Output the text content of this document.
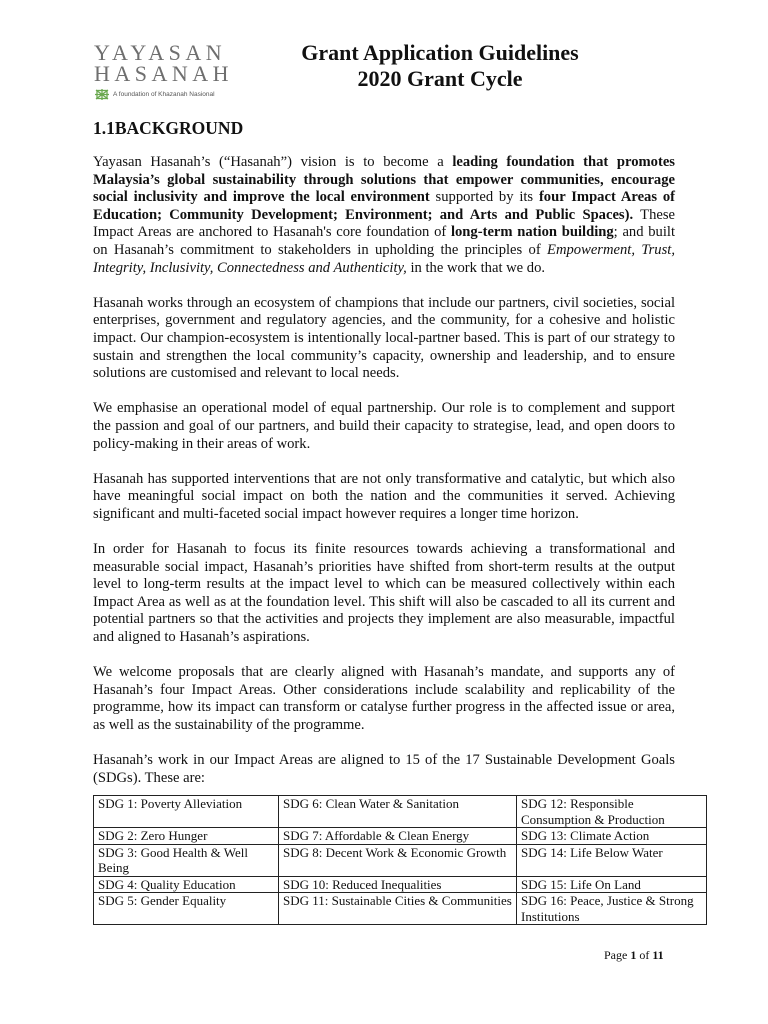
YAYASAN
HASANAH
A foundation of Khazanah Nasional
Grant Application Guidelines
2020 Grant Cycle
1.1BACKGROUND

Yayasan Hasanah’s (“Hasanah”) vision is to become a leading foundation that promotes Malaysia’s global sustainability through solutions that empower communities, encourage social inclusivity and improve the local environment supported by its four Impact Areas of Education; Community Development; Environment; and Arts and Public Spaces). These Impact Areas are anchored to Hasanah's core foundation of long-term nation building; and built on Hasanah’s commitment to stakeholders in upholding the principles of Empowerment, Trust, Integrity, Inclusivity, Connectedness and Authenticity, in the work that we do.

Hasanah works through an ecosystem of champions that include our partners, civil societies, social enterprises, government and regulatory agencies, and the community, for a cohesive and holistic impact. Our champion-ecosystem is intentionally local-partner based. This is part of our strategy to sustain and strengthen the local community’s capacity, ownership and leadership, and to ensure solutions are customised and relevant to local needs.

We emphasise an operational model of equal partnership. Our role is to complement and support the passion and goal of our partners, and build their capacity to strategise, lead, and open doors to policy-making in their areas of work.

Hasanah has supported interventions that are not only transformative and catalytic, but which also have meaningful social impact on both the nation and the communities it served. Achieving significant and multi-faceted social impact however requires a longer time horizon.

In order for Hasanah to focus its finite resources towards achieving a transformational and measurable social impact, Hasanah’s priorities have shifted from short-term results at the output level to long-term results at the impact level to which can be measured collectively within each Impact Area as well as at the foundation level. This shift will also be cascaded to all its current and potential partners so that the activities and projects they implement are also measurable, impactful and aligned to Hasanah’s aspirations.

We welcome proposals that are clearly aligned with Hasanah’s mandate, and supports any of Hasanah’s four Impact Areas. Other considerations include scalability and replicability of the programme, how its impact can transform or catalyse further progress in the affected issue or area, as well as the sustainability of the programme.

Hasanah’s work in our Impact Areas are aligned to 15 of the 17 Sustainable Development Goals (SDGs). These are:

SDG 1: Poverty Alleviation	SDG 6: Clean Water & Sanitation	SDG 12: Responsible Consumption & Production
SDG 2: Zero Hunger	SDG 7: Affordable & Clean Energy	SDG 13: Climate Action
SDG 3: Good Health & Well Being	SDG 8: Decent Work & Economic Growth	SDG 14: Life Below Water
SDG 4: Quality Education	SDG 10: Reduced Inequalities	SDG 15: Life On Land
SDG 5: Gender Equality	SDG 11: Sustainable Cities & Communities	SDG 16: Peace, Justice & Strong Institutions
Page 1 of 11
